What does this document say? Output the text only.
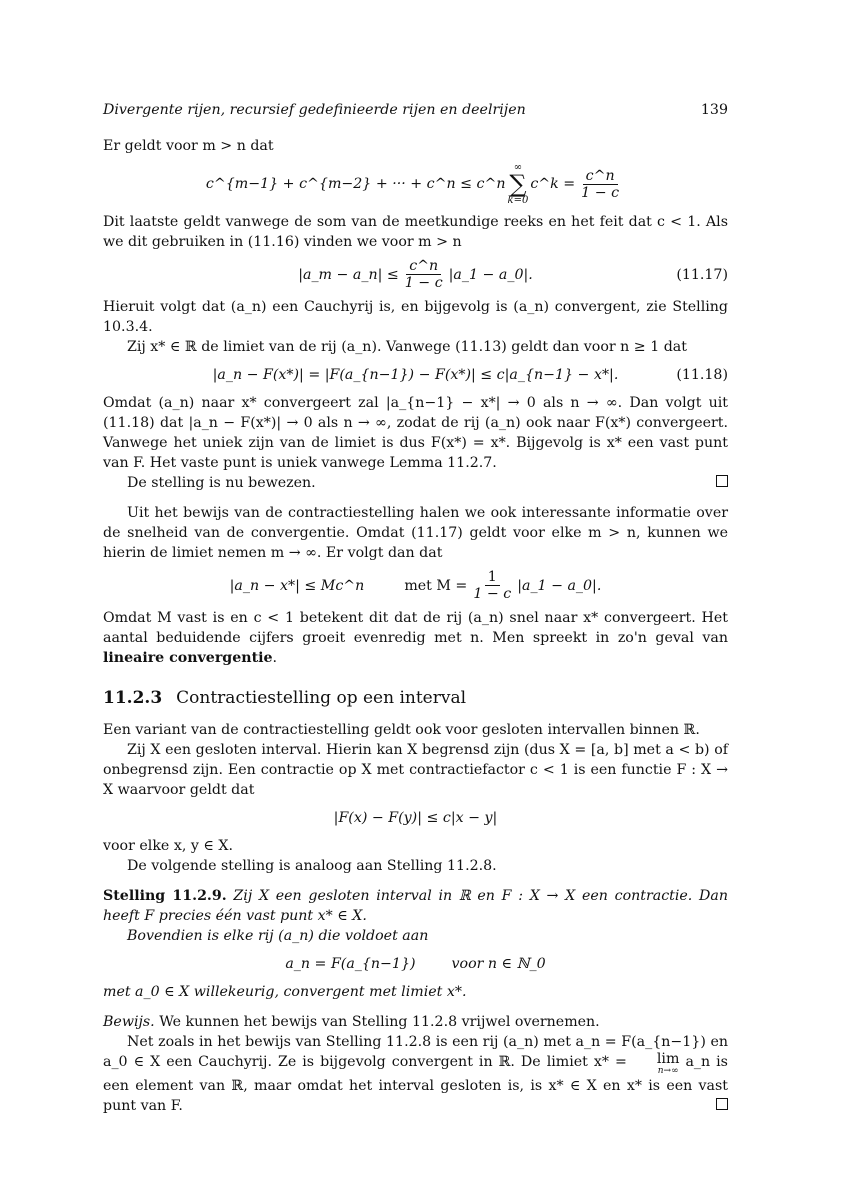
Divergente rijen, recursief gedefinieerde rijen en deelrijen	139

Er geldt voor m > n dat

c^{m−1} + c^{m−2} + ··· + c^n ≤ c^n
∞
∑
k=0
c^k = $\frac{c\^{}n}{1 - c}$

Dit laatste geldt vanwege de som van de meetkundige reeks en het feit dat c < 1. Als we dit gebruiken in (11.16) vinden we voor m > n

|a_m − a_n| ≤ $\frac{c\^{}n}{1 - c}$ |a_1 − a_0|.	(11.17)

Hieruit volgt dat (a_n) een Cauchyrij is, en bijgevolg is (a_n) convergent, zie Stelling 10.3.4.

Zij x* ∈ ℝ de limiet van de rij (a_n). Vanwege (11.13) geldt dan voor n ≥ 1 dat

|a_n − F(x*)| = |F(a_{n−1}) − F(x*)| ≤ c|a_{n−1} − x*|.	(11.18)

Omdat (a_n) naar x* convergeert zal |a_{n−1} − x*| → 0 als n → ∞. Dan volgt uit (11.18) dat |a_n − F(x*)| → 0 als n → ∞, zodat de rij (a_n) ook naar F(x*) convergeert. Vanwege het uniek zijn van de limiet is dus F(x*) = x*. Bijgevolg is x* een vast punt van F. Het vaste punt is uniek vanwege Lemma 11.2.7.

De stelling is nu bewezen.

Uit het bewijs van de contractiestelling halen we ook interessante informatie over de snelheid van de convergentie. Omdat (11.17) geldt voor elke m > n, kunnen we hierin de limiet nemen m → ∞. Er volgt dan dat

|a_n − x*| ≤ Mc^n	met $M = \frac{1}{1 - c}$ |a_1 − a_0|.

Omdat M vast is en c < 1 betekent dit dat de rij (a_n) snel naar x* convergeert. Het aantal beduidende cijfers groeit evenredig met n. Men spreekt in zo'n geval van lineaire convergentie.

11.2.3 Contractiestelling op een interval

Een variant van de contractiestelling geldt ook voor gesloten intervallen binnen ℝ.

Zij X een gesloten interval. Hierin kan X begrensd zijn (dus X = [a, b] met a < b) of onbegrensd zijn. Een contractie op X met contractiefactor c < 1 is een functie F : X → X waarvoor geldt dat

|F(x) − F(y)| ≤ c|x − y|

voor elke x, y ∈ X.

De volgende stelling is analoog aan Stelling 11.2.8.

Stelling 11.2.9. Zij X een gesloten interval in ℝ en F : X → X een contractie. Dan heeft F precies één vast punt x* ∈ X.

Bovendien is elke rij (a_n) die voldoet aan

a_n = F(a_{n−1})	voor n ∈ ℕ_0

met a_0 ∈ X willekeurig, convergent met limiet x*.

Bewijs. We kunnen het bewijs van Stelling 11.2.8 vrijwel overnemen.

Net zoals in het bewijs van Stelling 11.2.8 is een rij (a_n) met a_n = F(a_{n−1}) en a_0 ∈ X een Cauchyrij. Ze is bijgevolg convergent in ℝ. De limiet x* =	lim
n→∞
a_n is een element van ℝ, maar omdat het interval gesloten is, is x* ∈ X en x* is een vast punt van F.
